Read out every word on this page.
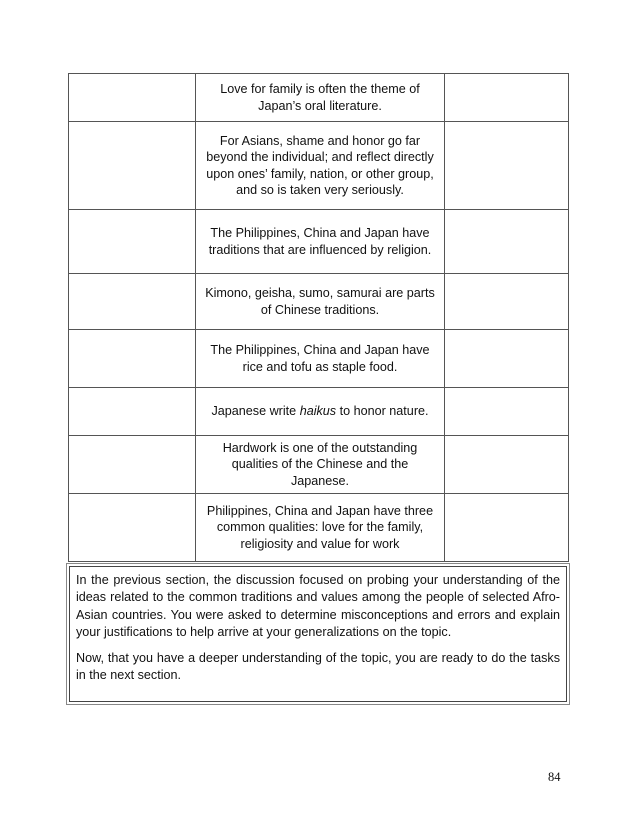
	Love for family is often the theme of Japan’s oral literature.	
	For Asians, shame and honor go far beyond the individual; and reflect directly upon ones’ family, nation, or other group, and so is taken very seriously.	
	The Philippines, China and Japan have traditions that are influenced by religion.	
	Kimono, geisha, sumo, samurai are parts of Chinese traditions.	
	The Philippines, China and Japan have rice and tofu as staple food.	
	Japanese write haikus to honor nature.	
	Hardwork is one of the outstanding qualities of the Chinese and the Japanese.	
	Philippines, China and Japan have three common qualities: love for the family, religiosity and value for work	

In the previous section, the discussion focused on probing your understanding of the ideas related to the common traditions and values among the people of selected Afro-Asian countries. You were asked to determine misconceptions and errors and explain your justifications to help arrive at your generalizations on the topic.

Now, that you have a deeper understanding of the topic, you are ready to do the tasks in the next section.

84
